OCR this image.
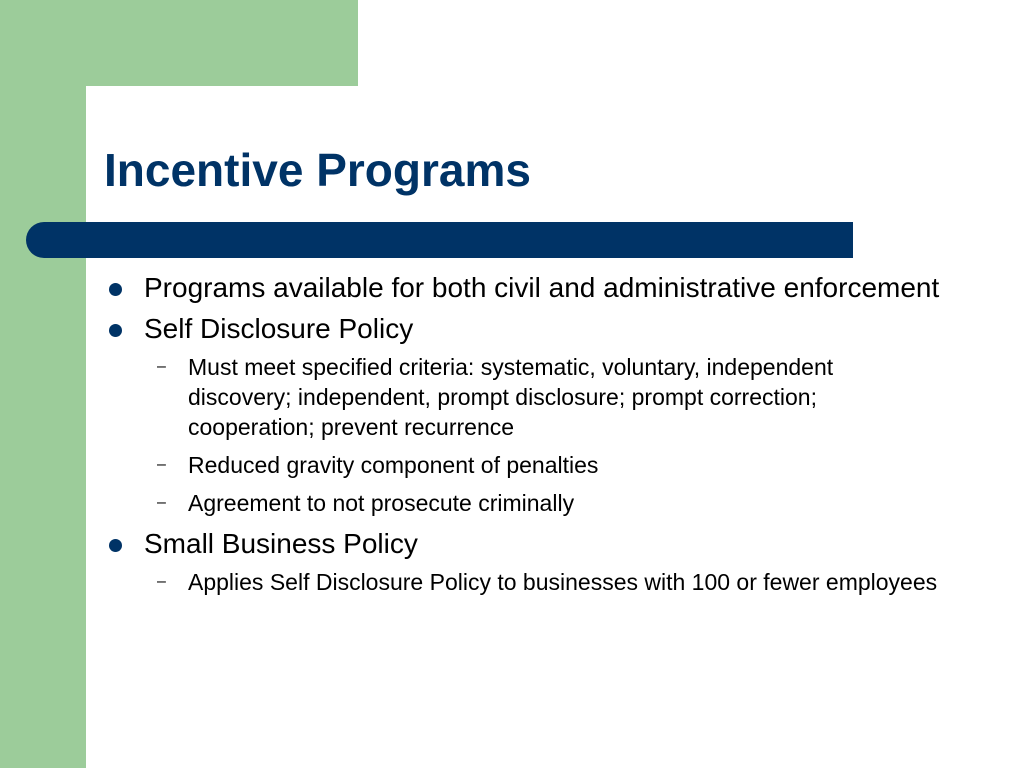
Incentive Programs
Programs available for both civil and administrative enforcement
Self Disclosure Policy
– Must meet specified criteria: systematic, voluntary, independent discovery; independent, prompt disclosure; prompt correction; cooperation; prevent recurrence
– Reduced gravity component of penalties
– Agreement to not prosecute criminally
Small Business Policy
– Applies Self Disclosure Policy to businesses with 100 or fewer employees
